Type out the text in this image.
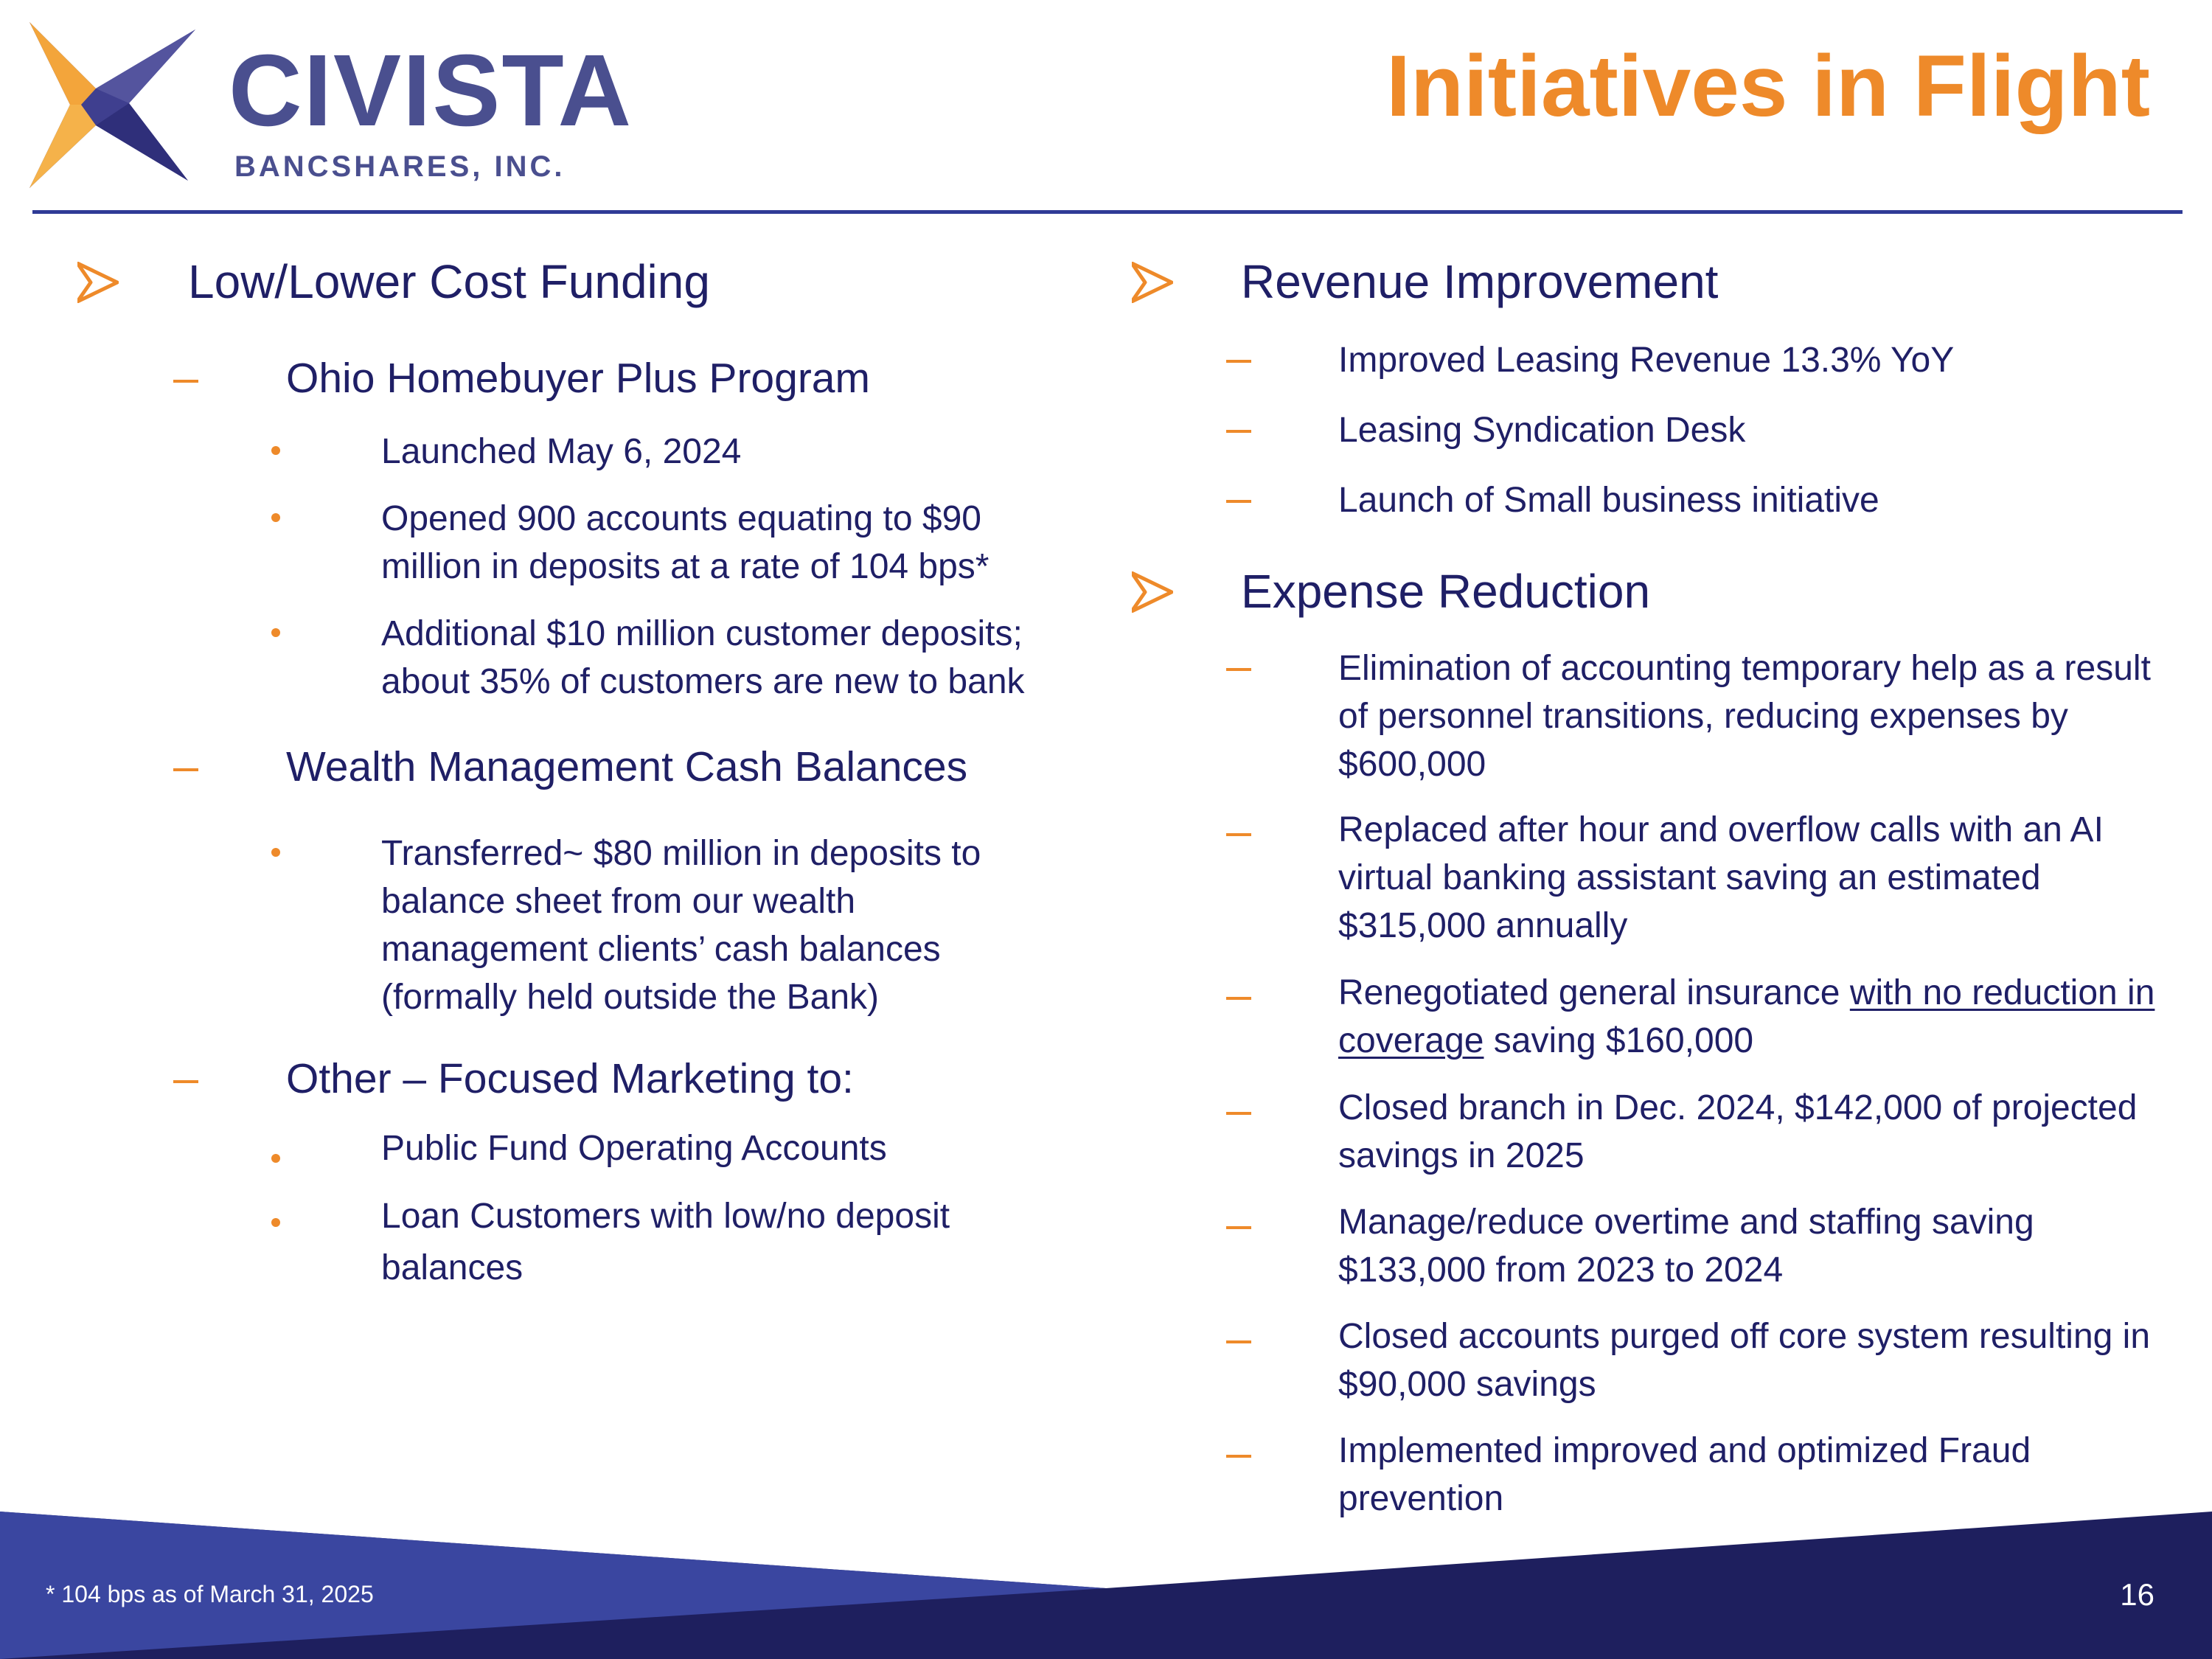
CIVISTA
BANCSHARES, INC.
Initiatives in Flight
Low/Lower Cost Funding
Ohio Homebuyer Plus Program
Launched May 6, 2024
Opened 900 accounts equating to $90 million in deposits at a rate of 104 bps*
Additional $10 million customer deposits; about 35% of customers are new to bank
Wealth Management Cash Balances
Transferred~ $80 million in deposits to balance sheet from our wealth management clients’ cash balances (formally held outside the Bank)
Other – Focused Marketing to:
Public Fund Operating Accounts
Loan Customers with low/no deposit balances
Revenue Improvement
Improved Leasing Revenue 13.3% YoY
Leasing Syndication Desk
Launch of Small business initiative
Expense Reduction
Elimination of accounting temporary help as a result of personnel transitions, reducing expenses by $600,000
Replaced after hour and overflow calls with an AI virtual banking assistant saving an estimated $315,000 annually
Renegotiated general insurance with no reduction in coverage saving $160,000
Closed branch in Dec. 2024, $142,000 of projected savings in 2025
Manage/reduce overtime and staffing saving $133,000 from 2023 to 2024
Closed accounts purged off core system resulting in $90,000 savings
Implemented improved and optimized Fraud prevention
* 104 bps as of March 31, 2025	16
